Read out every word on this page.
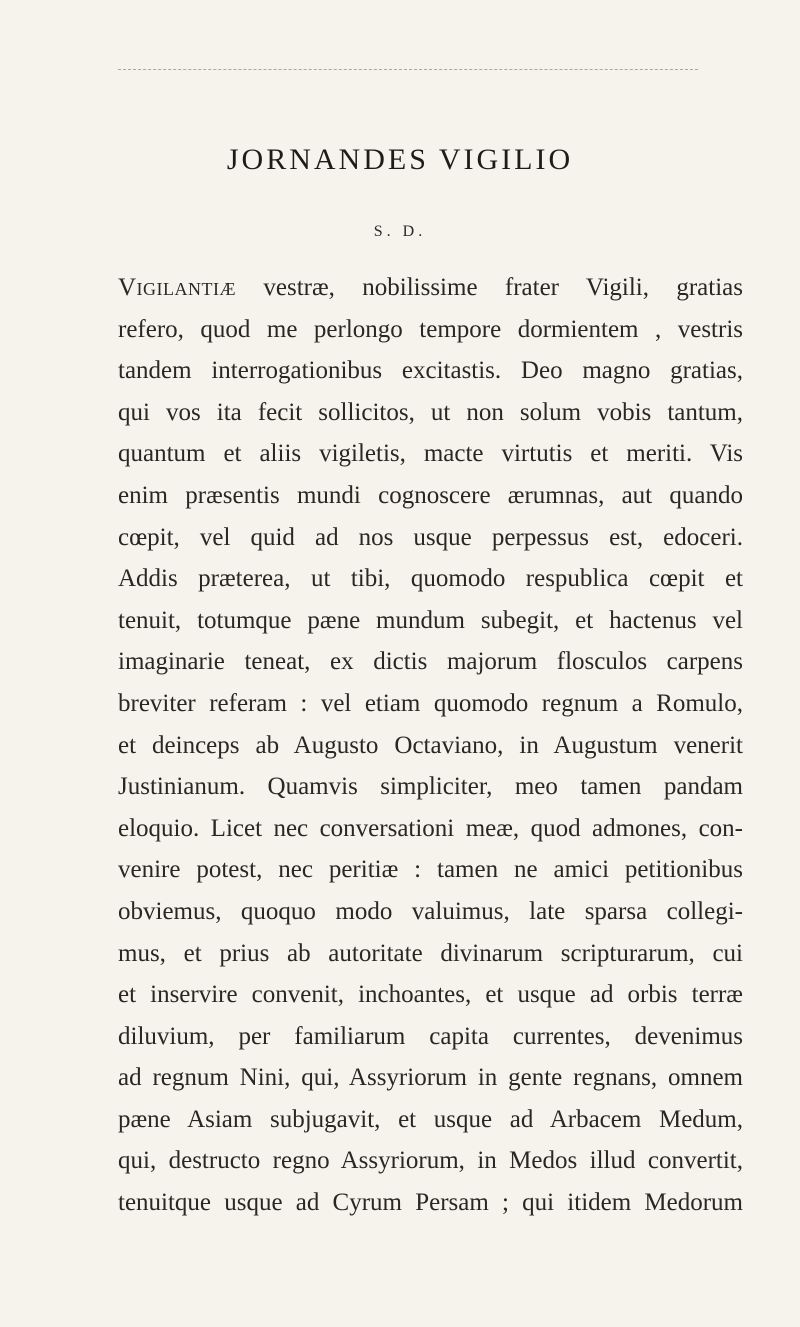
JORNANDES VIGILIO
S. D.
Vigilantiæ vestræ, nobilissime frater Vigili, gratias
refero, quod me perlongo tempore dormientem , vestris
tandem interrogationibus excitastis. Deo magno gratias,
qui vos ita fecit sollicitos, ut non solum vobis tantum,
quantum et aliis vigiletis, macte virtutis et meriti. Vis
enim præsentis mundi cognoscere ærumnas, aut quando
cœpit, vel quid ad nos usque perpessus est, edoceri.
Addis præterea, ut tibi, quomodo respublica cœpit et
tenuit, totumque pæne mundum subegit, et hactenus vel
imaginarie teneat, ex dictis majorum flosculos carpens
breviter referam : vel etiam quomodo regnum a Romulo,
et deinceps ab Augusto Octaviano, in Augustum venerit
Justinianum. Quamvis simpliciter, meo tamen pandam
eloquio. Licet nec conversationi meæ, quod admones, con-
venire potest, nec peritiæ : tamen ne amici petitionibus
obviemus, quoquo modo valuimus, late sparsa collegi-
mus, et prius ab autoritate divinarum scripturarum, cui
et inservire convenit, inchoantes, et usque ad orbis terræ
diluvium, per familiarum capita currentes, devenimus
ad regnum Nini, qui, Assyriorum in gente regnans, omnem
pæne Asiam subjugavit, et usque ad Arbacem Medum,
qui, destructo regno Assyriorum, in Medos illud convertit,
tenuitque usque ad Cyrum Persam ; qui itidem Medorum
